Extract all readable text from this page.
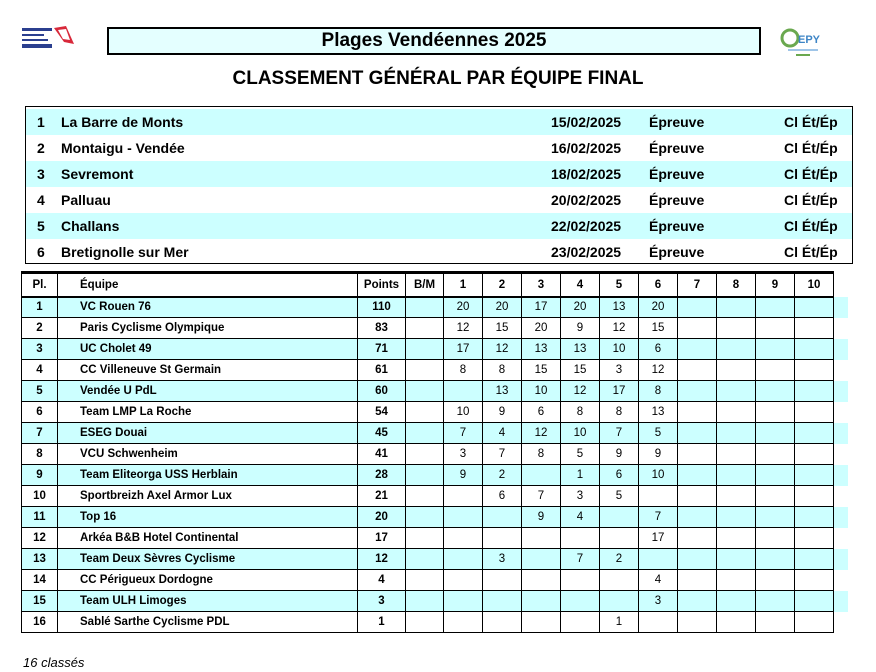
Plages Vendéennes 2025	EPY
CLASSEMENT GÉNÉRAL PAR ÉQUIPE FINAL
1 La Barre de Monts	15/02/2025 Épreuve	Cl Ét/Ép
2 Montaigu - Vendée	16/02/2025 Épreuve	Cl Ét/Ép
3 Sevremont	18/02/2025 Épreuve	Cl Ét/Ép
4 Palluau	20/02/2025 Épreuve	Cl Ét/Ép
5 Challans	22/02/2025 Épreuve	Cl Ét/Ép
6 Bretignolle sur Mer	23/02/2025 Épreuve	Cl Ét/Ép
Pl.	Équipe	Points	B/M	1	2	3	4	5	6	7	8	9	10	
1	VC Rouen 76	110		20	20	17	20	13	20					
2	Paris Cyclisme Olympique	83		12	15	20	9	12	15					
3	UC Cholet 49	71		17	12	13	13	10	6					
4	CC Villeneuve St Germain	61		8	8	15	15	3	12					
5	Vendée U PdL	60			13	10	12	17	8					
6	Team LMP La Roche	54		10	9	6	8	8	13					
7	ESEG Douai	45		7	4	12	10	7	5					
8	VCU Schwenheim	41		3	7	8	5	9	9					
9	Team Eliteorga USS Herblain	28		9	2		1	6	10					
10	Sportbreizh Axel Armor Lux	21			6	7	3	5						
11	Top 16	20				9	4		7					
12	Arkéa B&B Hotel Continental	17							17					
13	Team Deux Sèvres Cyclisme	12			3		7	2						
14	CC Périgueux Dordogne	4							4					
15	Team ULH Limoges	3							3					
16	Sablé Sarthe Cyclisme PDL	1						1						
16 classés
